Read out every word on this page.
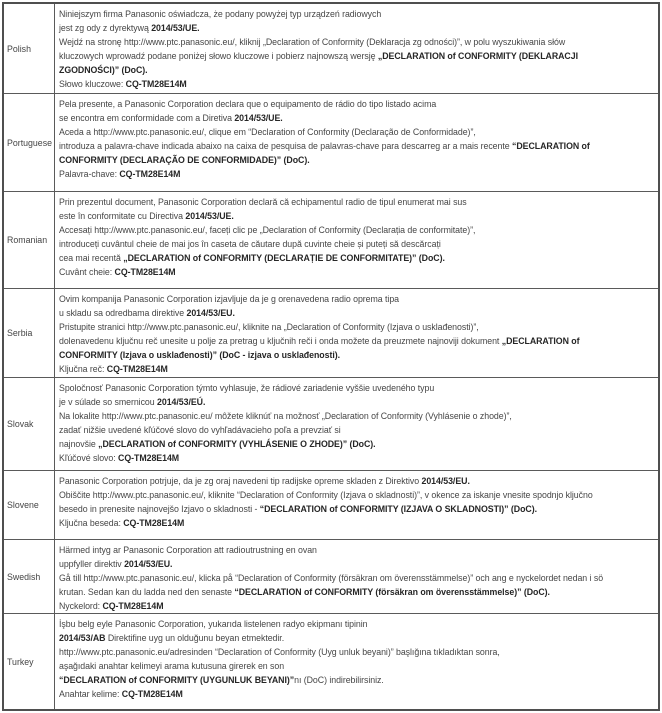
Polish	
Niniejszym firma Panasonic oświadcza, że podany powyżej typ urządzeń radiowych
jest zg ody z dyrektywą 2014/53/UE.
Wejdź na stronę http://www.ptc.panasonic.eu/, kliknij „Declaration of Conformity (Deklaracja zg odności)”, w polu wyszukiwania słów
kluczowych wprowadź podane poniżej słowo kluczowe i pobierz najnowszą wersję „DECLARATION of CONFORMITY (DEKLARACJI
ZGODNOŚCI)” (DoC).
Słowo kluczowe: CQ-TM28E14M

Portuguese	
Pela presente, a Panasonic Corporation declara que o equipamento de rádio do tipo listado acima
se encontra em conformidade com a Diretiva 2014/53/UE.
Aceda a http://www.ptc.panasonic.eu/, clique em “Declaration of Conformity (Declaração de Conformidade)”,
introduza a palavra-chave indicada abaixo na caixa de pesquisa de palavras-chave para descarreg ar a mais recente “DECLARATION of
CONFORMITY (DECLARAÇÃO DE CONFORMIDADE)” (DoC).
Palavra-chave: CQ-TM28E14M

Romanian	
Prin prezentul document, Panasonic Corporation declară că echipamentul radio de tipul enumerat mai sus
este în conformitate cu Directiva 2014/53/UE.
Accesați http://www.ptc.panasonic.eu/, faceți clic pe „Declaration of Conformity (Declarația de conformitate)”,
introduceți cuvântul cheie de mai jos în caseta de căutare după cuvinte cheie și puteți să descărcați
cea mai recentă „DECLARATION of CONFORMITY (DECLARAȚIE DE CONFORMITATE)” (DoC).
Cuvânt cheie: CQ-TM28E14M

Serbia	
Ovim kompanija Panasonic Corporation izjavljuje da je g orenavedena radio oprema tipa
u skladu sa odredbama direktive 2014/53/EU.
Pristupite stranici http://www.ptc.panasonic.eu/, kliknite na „Declaration of Conformity (Izjava o usklađenosti)”,
dolenavedenu ključnu reč unesite u polje za pretrag u ključnih reči i onda možete da preuzmete najnoviji dokument „DECLARATION of
CONFORMITY (Izjava o usklađenosti)” (DoC - izjava o usklađenosti).
Ključna reč: CQ-TM28E14M

Slovak	
Spoločnosť Panasonic Corporation týmto vyhlasuje, že rádiové zariadenie vyššie uvedeného typu
je v súlade so smernicou 2014/53/EÚ.
Na lokalite http://www.ptc.panasonic.eu/ môžete kliknúť na možnosť „Declaration of Conformity (Vyhlásenie o zhode)”,
zadať nižšie uvedené kľúčové slovo do vyhľadávacieho poľa a prevziať si
najnovšie „DECLARATION of CONFORMITY (VYHLÁSENIE O ZHODE)” (DoC).
Kľúčové slovo: CQ-TM28E14M

Slovene	Panasonic Corporation potrjuje, da je zg oraj navedeni tip radijske opreme skladen z Direktivo 2014/53/EU.
Obiščite http://www.ptc.panasonic.eu/, kliknite “Declaration of Conformity (Izjava o skladnosti)”, v okence za iskanje vnesite spodnjo ključno
besedo in prenesite najnovejšo Izjavo o skladnosti - “DECLARATION of CONFORMITY (IZJAVA O SKLADNOSTI)” (DoC).
Ključna beseda: CQ-TM28E14M

Swedish	Härmed intyg ar Panasonic Corporation att radioutrustning en ovan
uppfyller direktiv 2014/53/EU.
Gå till http://www.ptc.panasonic.eu/, klicka på “Declaration of Conformity (försäkran om överensstämmelse)” och ang e nyckelordet nedan i sö
krutan. Sedan kan du ladda ned den senaste “DECLARATION of CONFORMITY (försäkran om överensstämmelse)” (DoC).
Nyckelord: CQ-TM28E14M

Turkey	
İşbu belg eyle Panasonic Corporation, yukarıda listelenen radyo ekipmanı tipinin
2014/53/AB Direktifine uyg un olduğunu beyan etmektedir.
http://www.ptc.panasonic.eu/adresinden “Declaration of Conformity (Uyg unluk beyani)” başlığına tıkladıktan sonra,
aşağıdaki anahtar kelimeyi arama kutusuna girerek en son
“DECLARATION of CONFORMITY (UYGUNLUK BEYANI)”nı (DoC) indirebilirsiniz.
Anahtar kelime: CQ-TM28E14M
